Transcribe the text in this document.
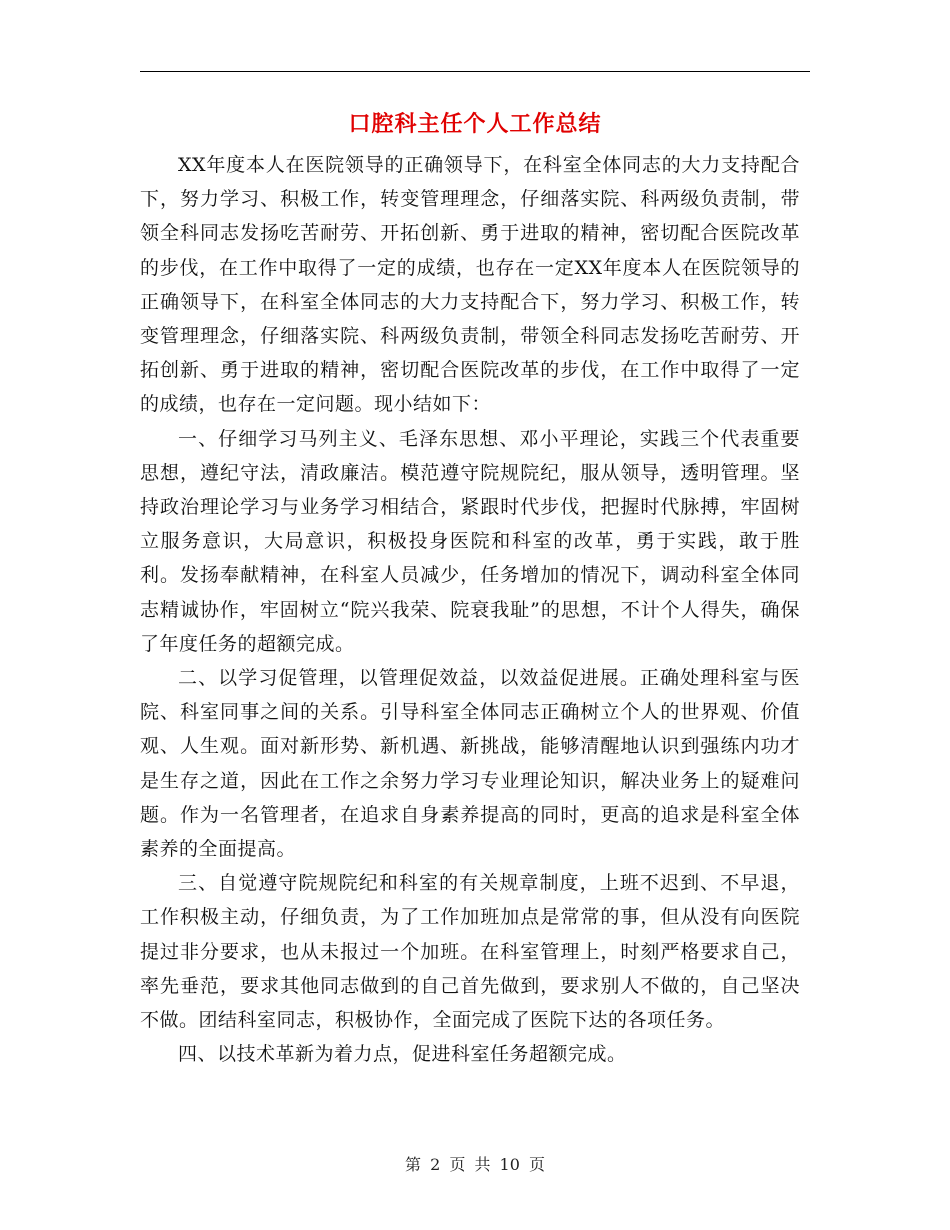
口腔科主任个人工作总结

XX年度本人在医院领导的正确领导下，在科室全体同志的大力支持配合下，努力学习、积极工作，转变管理理念，仔细落实院、科两级负责制，带领全科同志发扬吃苦耐劳、开拓创新、勇于进取的精神，密切配合医院改革的步伐，在工作中取得了一定的成绩，也存在一定XX年度本人在医院领导的正确领导下，在科室全体同志的大力支持配合下，努力学习、积极工作，转变管理理念，仔细落实院、科两级负责制，带领全科同志发扬吃苦耐劳、开拓创新、勇于进取的精神，密切配合医院改革的步伐，在工作中取得了一定的成绩，也存在一定问题。现小结如下：

一、仔细学习马列主义、毛泽东思想、邓小平理论，实践三个代表重要思想，遵纪守法，清政廉洁。模范遵守院规院纪，服从领导，透明管理。坚持政治理论学习与业务学习相结合，紧跟时代步伐，把握时代脉搏，牢固树立服务意识，大局意识，积极投身医院和科室的改革，勇于实践，敢于胜利。发扬奉献精神，在科室人员减少，任务增加的情况下，调动科室全体同志精诚协作，牢固树立“院兴我荣、院衰我耻”的思想，不计个人得失，确保了年度任务的超额完成。

二、以学习促管理，以管理促效益，以效益促进展。正确处理科室与医院、科室同事之间的关系。引导科室全体同志正确树立个人的世界观、价值观、人生观。面对新形势、新机遇、新挑战，能够清醒地认识到强练内功才是生存之道，因此在工作之余努力学习专业理论知识，解决业务上的疑难问题。作为一名管理者，在追求自身素养提高的同时，更高的追求是科室全体素养的全面提高。

三、自觉遵守院规院纪和科室的有关规章制度，上班不迟到、不早退，工作积极主动，仔细负责，为了工作加班加点是常常的事，但从没有向医院提过非分要求，也从未报过一个加班。在科室管理上，时刻严格要求自己，率先垂范，要求其他同志做到的自己首先做到，要求别人不做的，自己坚决不做。团结科室同志，积极协作，全面完成了医院下达的各项任务。

四、以技术革新为着力点，促进科室任务超额完成。

第 2 页 共 10 页
